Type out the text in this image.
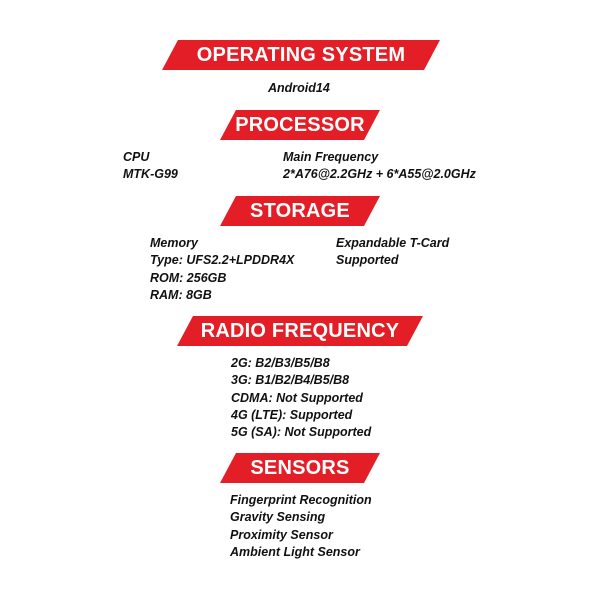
OPERATING SYSTEM
Android14
PROCESSOR
CPU
MTK-G99
Main Frequency
2*A76@2.2GHz + 6*A55@2.0GHz
STORAGE
Memory
Type: UFS2.2+LPDDR4X
ROM: 256GB
RAM: 8GB
Expandable T-Card
Supported
RADIO FREQUENCY
2G: B2/B3/B5/B8
3G: B1/B2/B4/B5/B8
CDMA: Not Supported
4G (LTE): Supported
5G (SA): Not Supported
SENSORS
Fingerprint Recognition
Gravity Sensing
Proximity Sensor
Ambient Light Sensor
